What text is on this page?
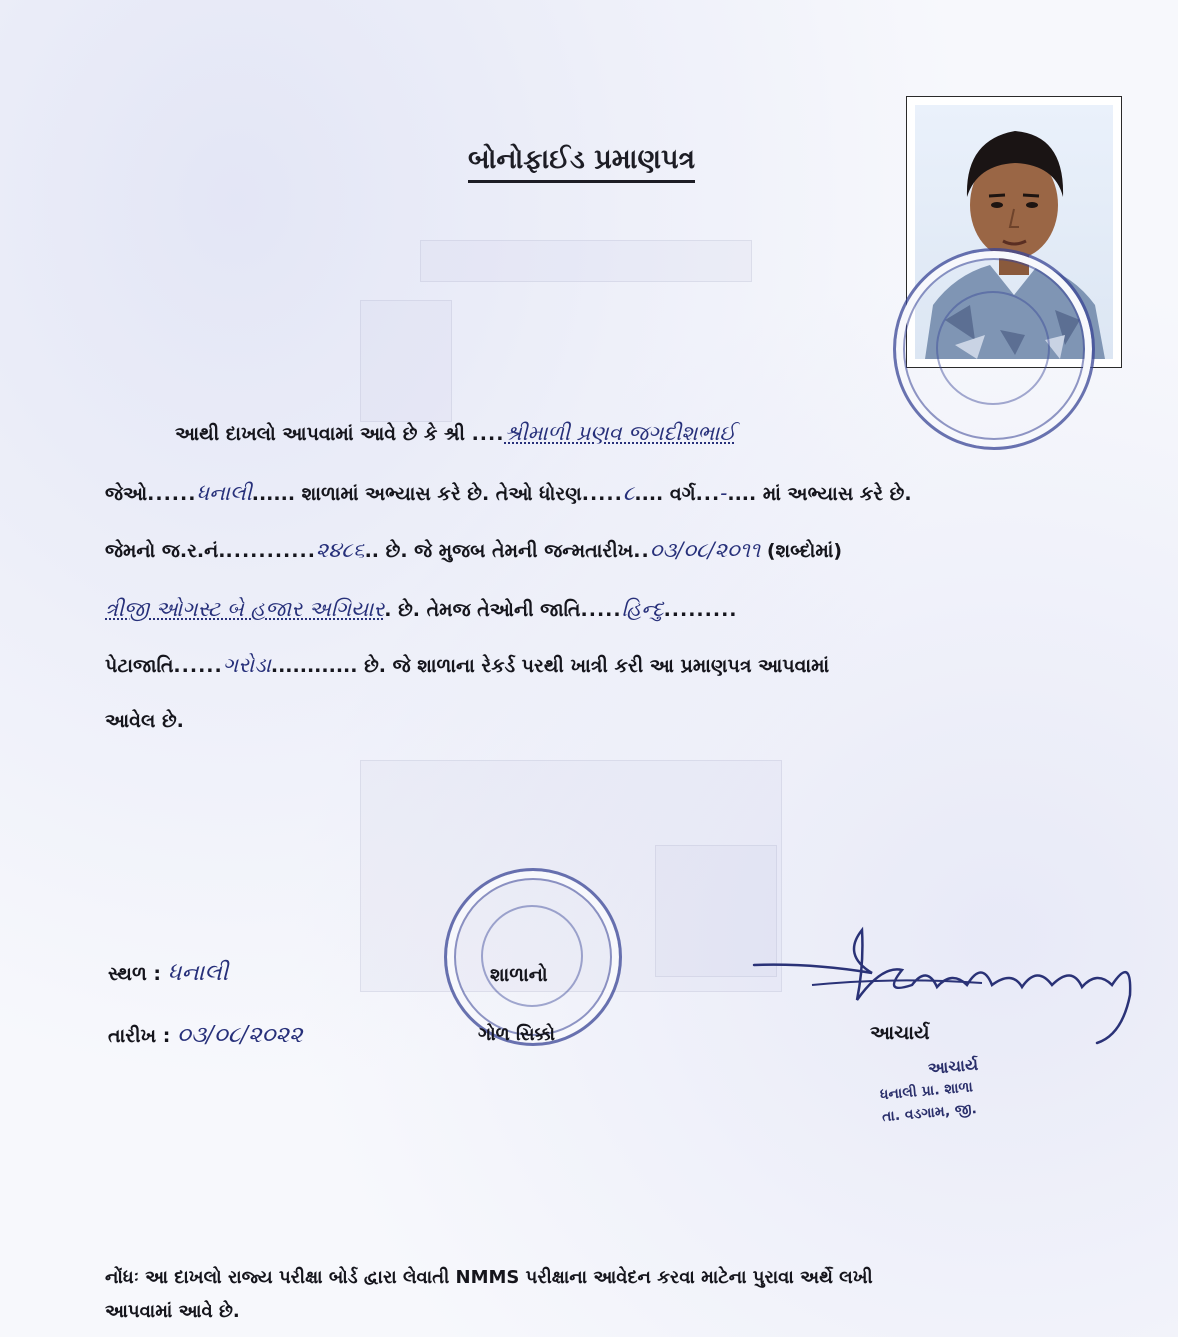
બોનોફાઈડ પ્રમાણપત્ર
આથી દાખલો આપવામાં આવે છે કે શ્રી ....શ્રીમાળી પ્રણવ જગદીશભાઈ
જેઓ......ધનાલી...... શાળામાં અભ્યાસ કરે છે. તેઓ ધોરણ.....૮.... વર્ગ...-.... માં અભ્યાસ કરે છે.
જેમનો જ.ર.નં............૨૪૮૬.. છે. જે મુજબ તેમની જન્મતારીખ..૦૩/૦૮/૨૦૧૧ (શબ્દોમાં)
ત્રીજી ઓગસ્ટ બે હજાર અગિયાર. છે. તેમજ તેઓની જાતિ.....હિન્દુ.........
પેટાજાતિ......ગરોડા............ છે. જે શાળાના રેકર્ડ પરથી ખાત્રી કરી આ પ્રમાણપત્ર આપવામાં
આવેલ છે.
સ્થળ : ધનાલી
તારીખ : ૦૩/૦૮/૨૦૨૨
શાળાનો
ગોળ સિક્કો	આચાર્ય
આચાર્ય
ધનાલી પ્રા. શાળા
તા. વડગામ, જી.
નોંધઃ આ દાખલો રાજ્ય પરીક્ષા બોર્ડ દ્વારા લેવાતી NMMS પરીક્ષાના આવેદન કરવા માટેના પુરાવા અર્થે લખી
આપવામાં આવે છે.
